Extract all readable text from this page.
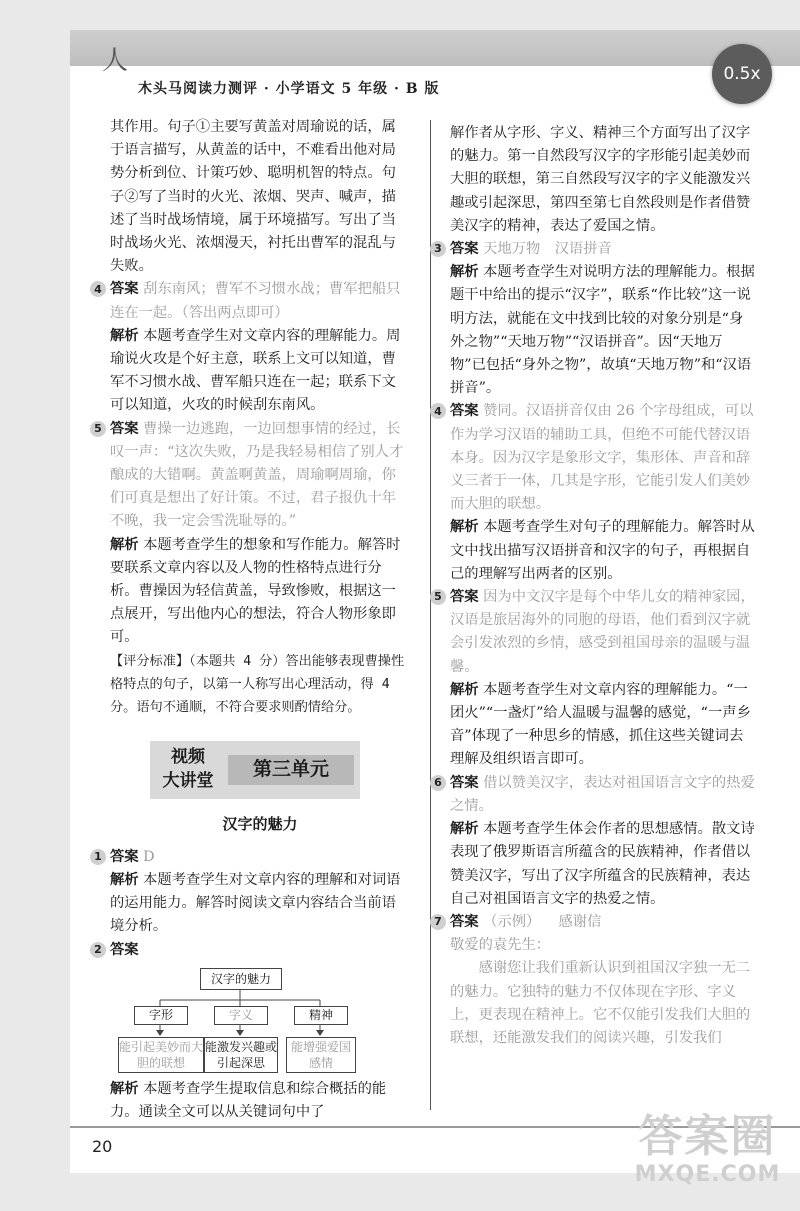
人
木头马阅读力测评 · 小学语文 5 年级 · B 版
0.5x

其作用。句子①主要写黄盖对周瑜说的话，属于语言描写，从黄盖的话中，不难看出他对局势分析到位、计策巧妙、聪明机智的特点。句子②写了当时的火光、浓烟、哭声、喊声，描述了当时战场情境，属于环境描写。写出了当时战场火光、浓烟漫天，衬托出曹军的混乱与失败。

4 答案 刮东南风；曹军不习惯水战；曹军把船只连在一起。（答出两点即可）

解析 本题考查学生对文章内容的理解能力。周瑜说火攻是个好主意，联系上文可以知道，曹军不习惯水战、曹军船只连在一起；联系下文可以知道，火攻的时候刮东南风。

5 答案 曹操一边逃跑，一边回想事情的经过，长叹一声：“这次失败，乃是我轻易相信了别人才酿成的大错啊。黄盖啊黄盖，周瑜啊周瑜，你们可真是想出了好计策。不过，君子报仇十年不晚，我一定会雪洗耻辱的。”

解析 本题考查学生的想象和写作能力。解答时要联系文章内容以及人物的性格特点进行分析。曹操因为轻信黄盖，导致惨败，根据这一点展开，写出他内心的想法，符合人物形象即可。

【评分标准】（本题共 4 分）答出能够表现曹操性格特点的句子，以第一人称写出心理活动，得 4 分。语句不通顺，不符合要求则酌情给分。

视频
大讲堂
第三单元
汉字的魅力
1 答案 D

解析 本题考查学生对文章内容的理解和对词语的运用能力。解答时阅读文章内容结合当前语境分析。

2 答案

汉字的魅力
字形	字义	精神
能引起美妙而大胆的联想
能激发兴趣或引起深思
能增强爱国感情

解析 本题考查学生提取信息和综合概括的能力。通读全文可以从关键词句中了

解作者从字形、字义、精神三个方面写出了汉字的魅力。第一自然段写汉字的字形能引起美妙而大胆的联想，第三自然段写汉字的字义能激发兴趣或引起深思，第四至第七自然段则是作者借赞美汉字的精神，表达了爱国之情。

3 答案 天地万物　汉语拼音

解析 本题考查学生对说明方法的理解能力。根据题干中给出的提示“汉字”，联系“作比较”这一说明方法，就能在文中找到比较的对象分别是“身外之物”“天地万物”“汉语拼音”。因“天地万物”已包括“身外之物”，故填“天地万物”和“汉语拼音”。

4 答案 赞同。汉语拼音仅由 26 个字母组成，可以作为学习汉语的辅助工具，但绝不可能代替汉语本身。因为汉字是象形文字，集形体、声音和辞义三者于一体，几其是字形，它能引发人们美妙而大胆的联想。

解析 本题考查学生对句子的理解能力。解答时从文中找出描写汉语拼音和汉字的句子，再根据自己的理解写出两者的区别。

5 答案 因为中文汉字是每个中华儿女的精神家园，汉语是旅居海外的同胞的母语，他们看到汉字就会引发浓烈的乡情，感受到祖国母亲的温暖与温馨。

解析 本题考查学生对文章内容的理解能力。“一团火”“一盏灯”给人温暖与温馨的感觉，“一声乡音”体现了一种思乡的情感，抓住这些关键词去理解及组织语言即可。

6 答案 借以赞美汉字，表达对祖国语言文字的热爱之情。

解析 本题考查学生体会作者的思想感情。散文诗表现了俄罗斯语言所蕴含的民族精神，作者借以赞美汉字，写出了汉字所蕴含的民族精神，表达自己对祖国语言文字的热爱之情。

7 答案 （示例） 感谢信

敬爱的袁先生：

感谢您让我们重新认识到祖国汉字独一无二的魅力。它独特的魅力不仅体现在字形、字义上，更表现在精神上。它不仅能引发我们大胆的联想，还能激发我们的阅读兴趣，引发我们

20	答案圈
MXQE.COM
